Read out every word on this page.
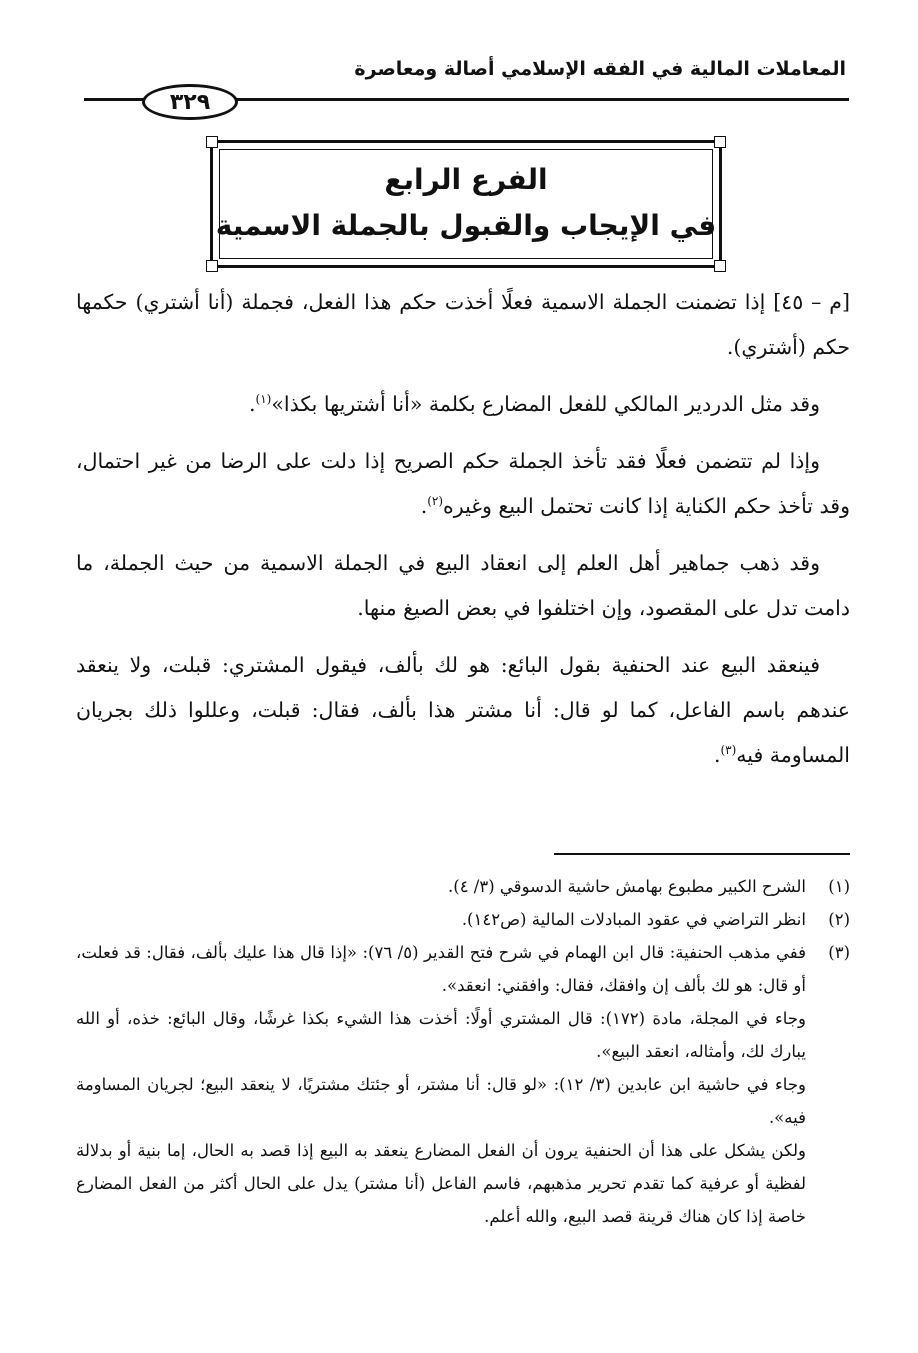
المعاملات المالية في الفقه الإسلامي أصالة ومعاصرة
٣٢٩
الفرع الرابع
في الإيجاب والقبول بالجملة الاسمية

[م – ٤٥] إذا تضمنت الجملة الاسمية فعلًا أخذت حكم هذا الفعل، فجملة (أنا أشتري) حكمها حكم (أشتري).

وقد مثل الدردير المالكي للفعل المضارع بكلمة «أنا أشتريها بكذا»$^{(١)}$.

وإذا لم تتضمن فعلًا فقد تأخذ الجملة حكم الصريح إذا دلت على الرضا من غير احتمال، وقد تأخذ حكم الكناية إذا كانت تحتمل البيع وغيره$^{(٢)}$.

وقد ذهب جماهير أهل العلم إلى انعقاد البيع في الجملة الاسمية من حيث الجملة، ما دامت تدل على المقصود، وإن اختلفوا في بعض الصيغ منها.

فينعقد البيع عند الحنفية بقول البائع: هو لك بألف، فيقول المشتري: قبلت، ولا ينعقد عندهم باسم الفاعل، كما لو قال: أنا مشتر هذا بألف، فقال: قبلت، وعللوا ذلك بجريان المساومة فيه$^{(٣)}$.

(١)
الشرح الكبير مطبوع بهامش حاشية الدسوقي (٣/ ٤).
(٢)
انظر التراضي في عقود المبادلات المالية (ص١٤٢).
(٣)
ففي مذهب الحنفية: قال ابن الهمام في شرح فتح القدير (٥/ ٧٦): «إذا قال هذا عليك بألف، فقال: قد فعلت، أو قال: هو لك بألف إن وافقك، فقال: وافقني: انعقد».
وجاء في المجلة، مادة (١٧٢): قال المشتري أولًا: أخذت هذا الشيء بكذا غرشًا، وقال البائع: خذه، أو الله يبارك لك، وأمثاله، انعقد البيع».
وجاء في حاشية ابن عابدين (٣/ ١٢): «لو قال: أنا مشتر، أو جئتك مشتريًا، لا ينعقد البيع؛ لجريان المساومة فيه».
ولكن يشكل على هذا أن الحنفية يرون أن الفعل المضارع ينعقد به البيع إذا قصد به الحال، إما بنية أو بدلالة لفظية أو عرفية كما تقدم تحرير مذهبهم، فاسم الفاعل (أنا مشتر) يدل على الحال أكثر من الفعل المضارع خاصة إذا كان هناك قرينة قصد البيع، والله أعلم.
